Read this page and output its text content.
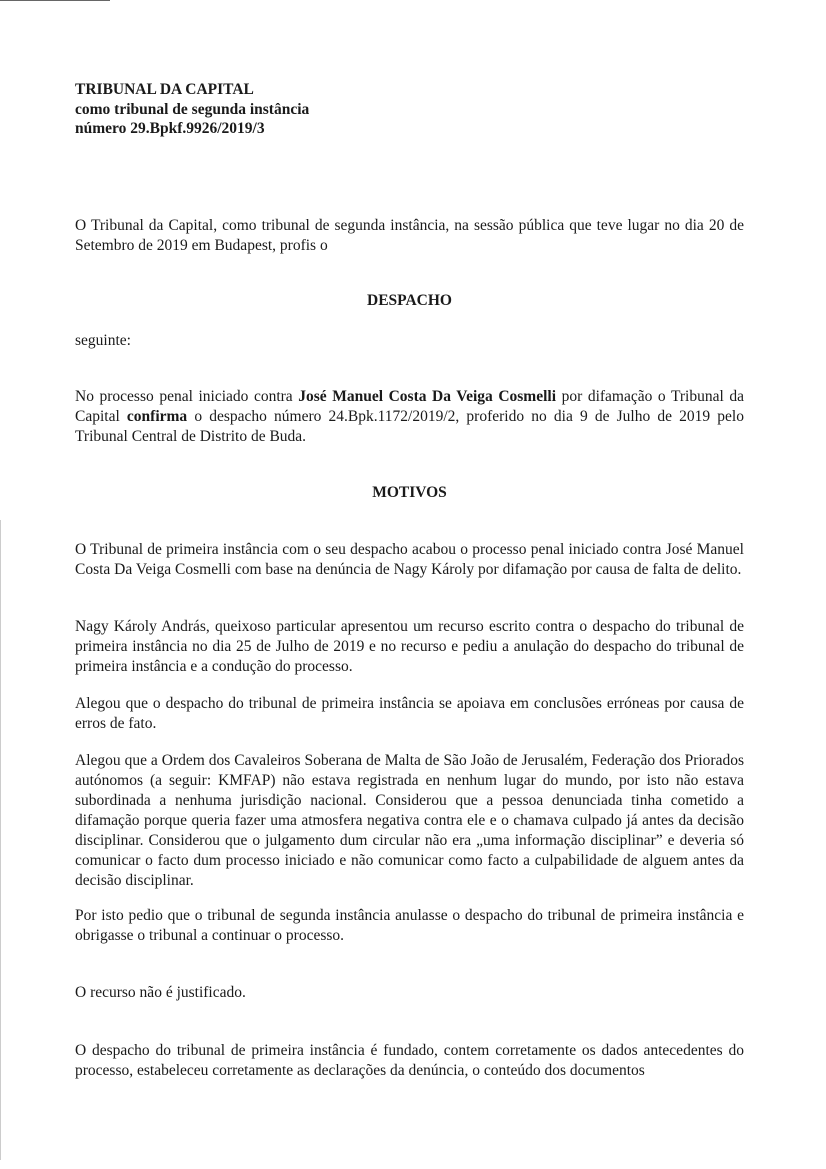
TRIBUNAL DA CAPITAL
como tribunal de segunda instância
número 29.Bpkf.9926/2019/3
O Tribunal da Capital, como tribunal de segunda instância, na sessão pública que teve lugar no dia 20 de Setembro de 2019 em Budapest, profis o
DESPACHO
seguinte:
No processo penal iniciado contra José Manuel Costa Da Veiga Cosmelli por difamação o Tribunal da Capital confirma o despacho número 24.Bpk.1172/2019/2, proferido no dia 9 de Julho de 2019 pelo Tribunal Central de Distrito de Buda.
MOTIVOS
O Tribunal de primeira instância com o seu despacho acabou o processo penal iniciado contra José Manuel Costa Da Veiga Cosmelli com base na denúncia de Nagy Károly por difamação por causa de falta de delito.
Nagy Károly András, queixoso particular apresentou um recurso escrito contra o despacho do tribunal de primeira instância no dia 25 de Julho de 2019 e no recurso e pediu a anulação do despacho do tribunal de primeira instância e a condução do processo.
Alegou que o despacho do tribunal de primeira instância se apoiava em conclusões erróneas por causa de erros de fato.
Alegou que a Ordem dos Cavaleiros Soberana de Malta de São João de Jerusalém, Federação dos Priorados autónomos (a seguir: KMFAP) não estava registrada en nenhum lugar do mundo, por isto não estava subordinada a nenhuma jurisdição nacional. Considerou que a pessoa denunciada tinha cometido a difamação porque queria fazer uma atmosfera negativa contra ele e o chamava culpado já antes da decisão disciplinar. Considerou que o julgamento dum circular não era „uma informação disciplinar” e deveria só comunicar o facto dum processo iniciado e não comunicar como facto a culpabilidade de alguem antes da decisão disciplinar.
Por isto pedio que o tribunal de segunda instância anulasse o despacho do tribunal de primeira instância e obrigasse o tribunal a continuar o processo.
O recurso não é justificado.
O despacho do tribunal de primeira instância é fundado, contem corretamente os dados antecedentes do processo, estabeleceu corretamente as declarações da denúncia, o conteúdo dos documentos
